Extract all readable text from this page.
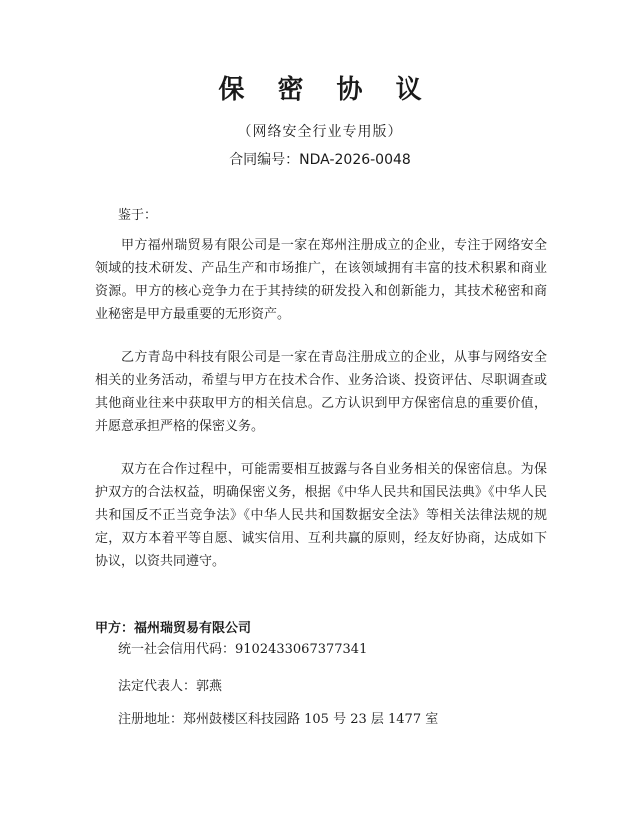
保 密 协 议
（网络安全行业专用版）
合同编号：NDA-2026-0048
鉴于：

甲方福州瑞贸易有限公司是一家在郑州注册成立的企业，专注于网络安全领域的技术研发、产品生产和市场推广，在该领域拥有丰富的技术积累和商业资源。甲方的核心竞争力在于其持续的研发投入和创新能力，其技术秘密和商业秘密是甲方最重要的无形资产。

乙方青岛中科技有限公司是一家在青岛注册成立的企业，从事与网络安全相关的业务活动，希望与甲方在技术合作、业务洽谈、投资评估、尽职调查或其他商业往来中获取甲方的相关信息。乙方认识到甲方保密信息的重要价值，并愿意承担严格的保密义务。

双方在合作过程中，可能需要相互披露与各自业务相关的保密信息。为保护双方的合法权益，明确保密义务，根据《中华人民共和国民法典》《中华人民共和国反不正当竞争法》《中华人民共和国数据安全法》等相关法律法规的规定，双方本着平等自愿、诚实信用、互利共赢的原则，经友好协商，达成如下协议，以资共同遵守。

甲方：福州瑞贸易有限公司
统一社会信用代码：9102433067377341
法定代表人：郭燕
注册地址：郑州鼓楼区科技园路 105 号 23 层 1477 室
